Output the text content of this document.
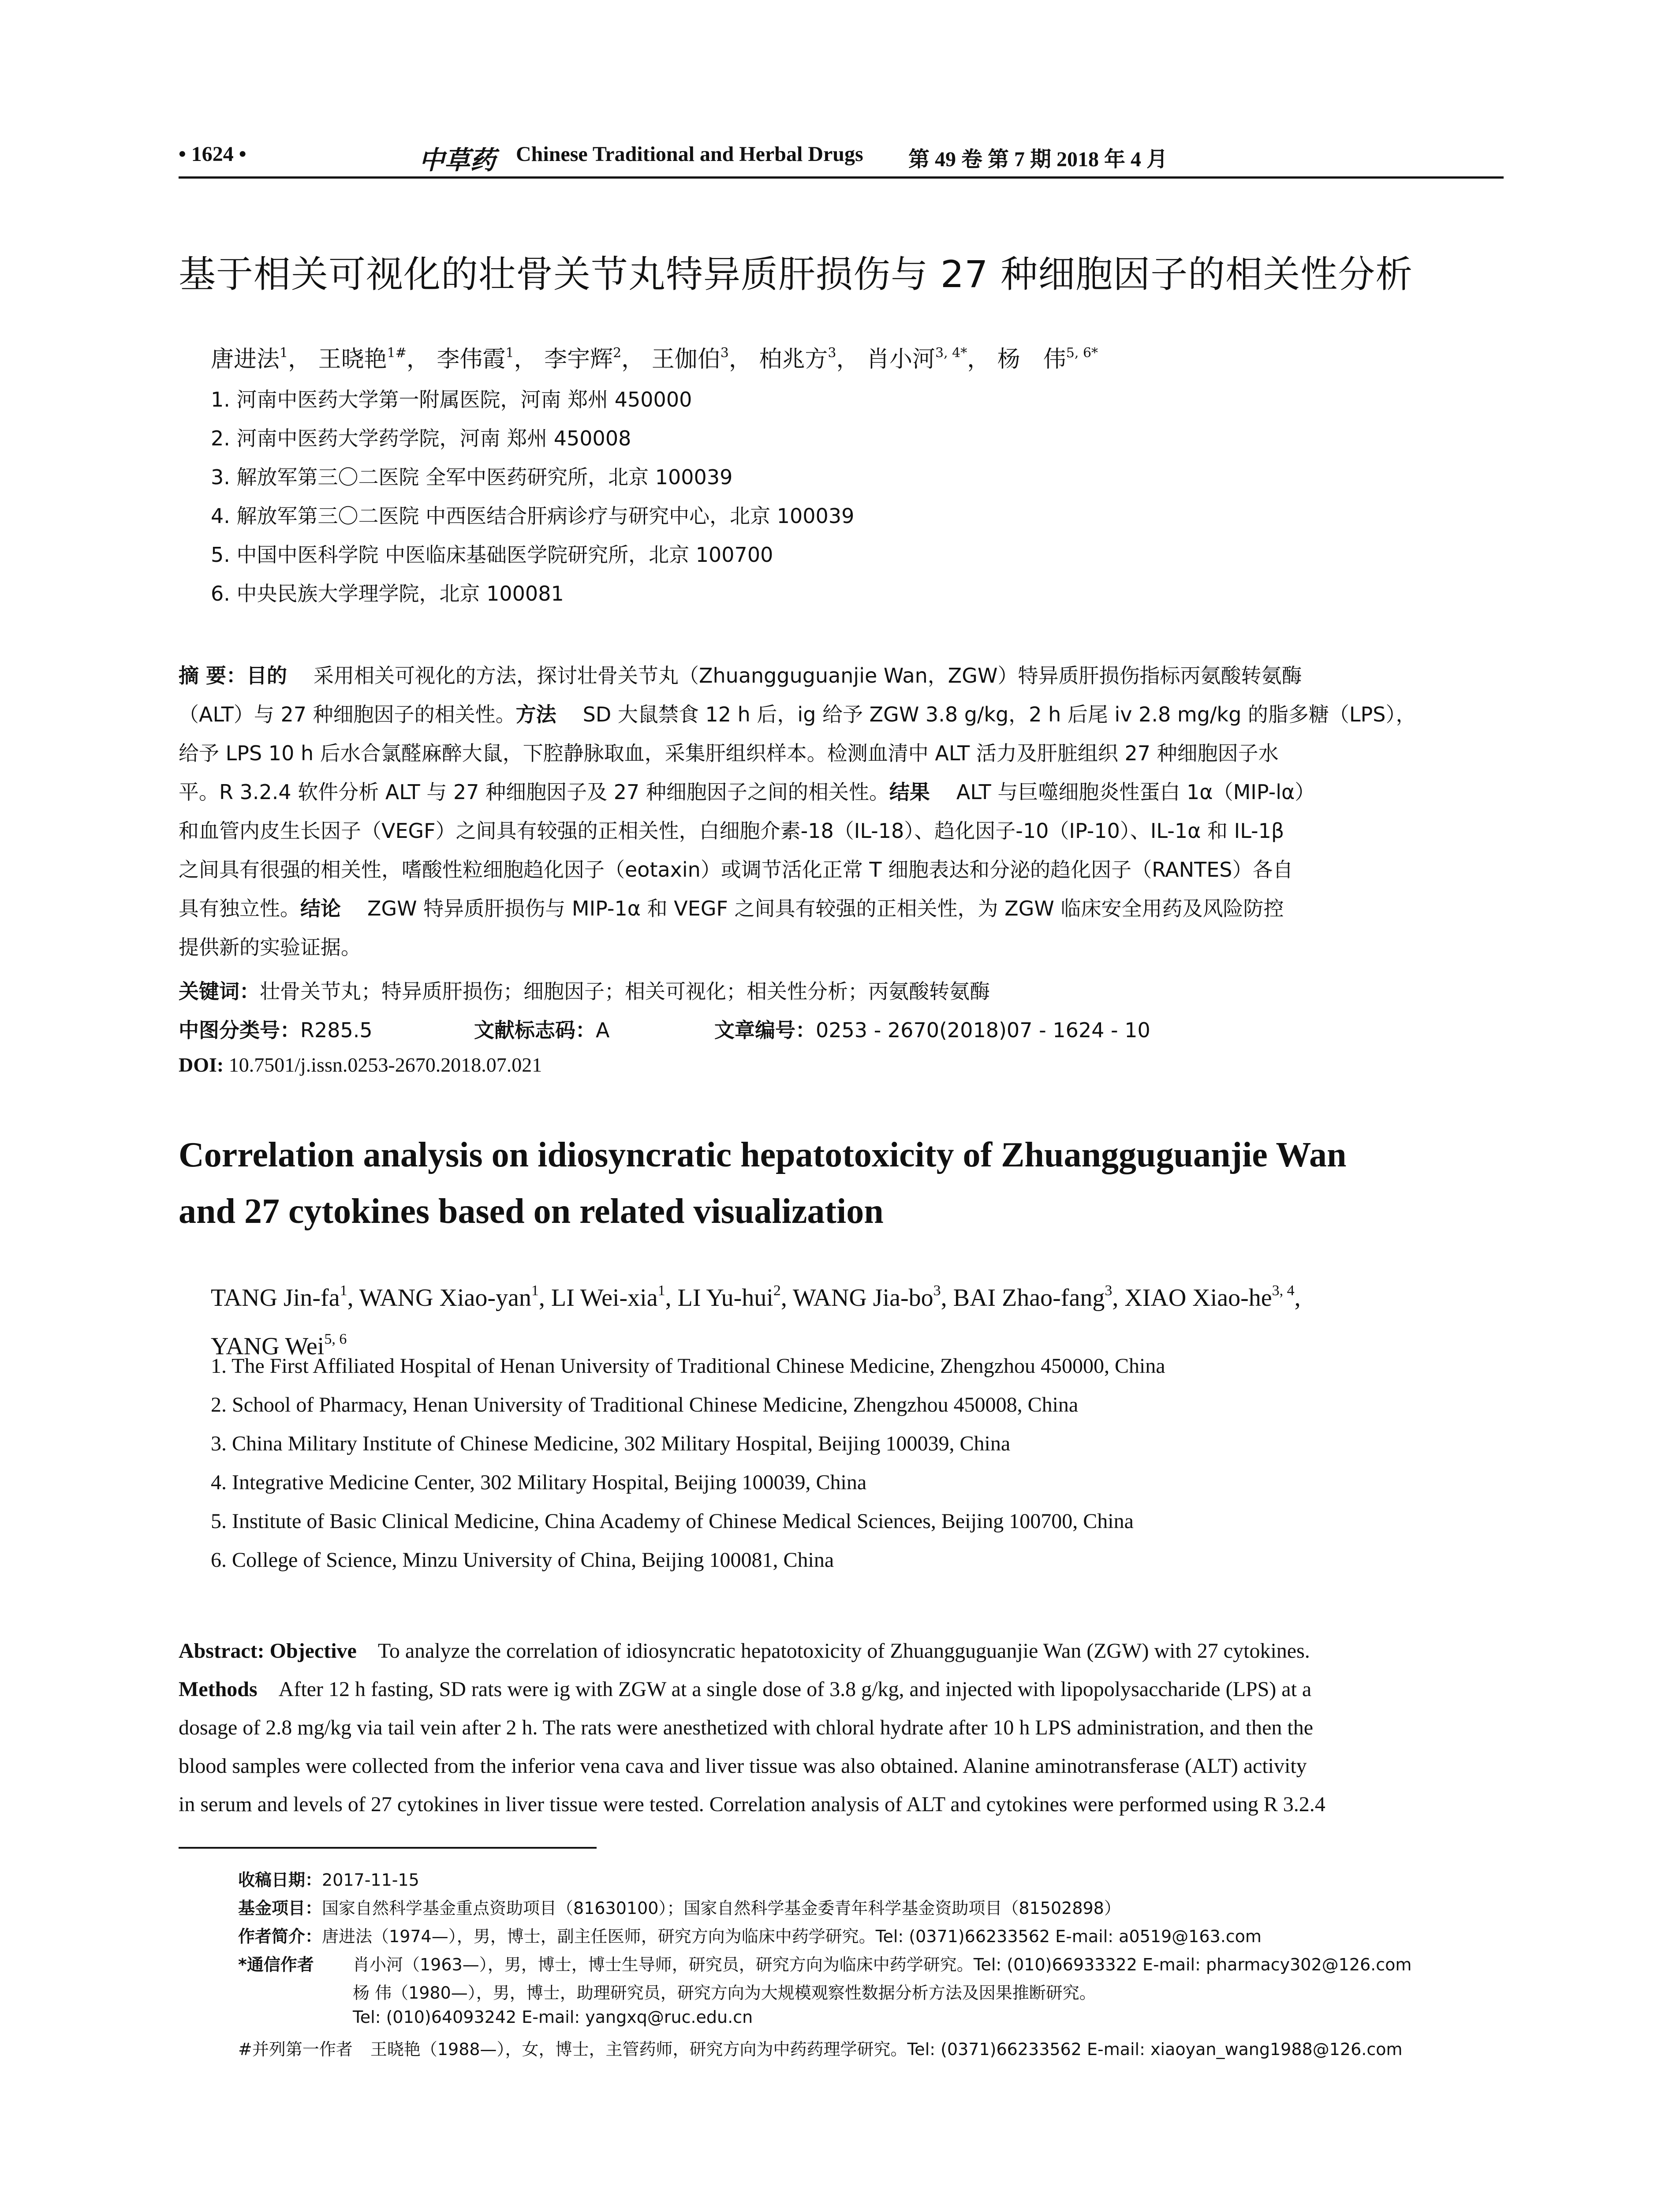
• 1624 •	中草药 Chinese Traditional and Herbal Drugs 第 49 卷 第 7 期 2018 年 4 月
基于相关可视化的壮骨关节丸特异质肝损伤与 27 种细胞因子的相关性分析
唐进法$^1$， 王晓艳$^{1\#}$， 李伟霞$^1$， 李宇辉$^2$， 王伽伯$^3$， 柏兆方$^3$， 肖小河$^{3, 4*}$， 杨　伟$^{5, 6*}$
1. 河南中医药大学第一附属医院，河南 郑州 450000
2. 河南中医药大学药学院，河南 郑州 450008
3. 解放军第三〇二医院 全军中医药研究所，北京 100039
4. 解放军第三〇二医院 中西医结合肝病诊疗与研究中心，北京 100039
5. 中国中医科学院 中医临床基础医学院研究所，北京 100700
6. 中央民族大学理学院，北京 100081
摘 要：目的 采用相关可视化的方法，探讨壮骨关节丸（Zhuangguguanjie Wan，ZGW）特异质肝损伤指标丙氨酸转氨酶
（ALT）与 27 种细胞因子的相关性。方法 SD 大鼠禁食 12 h 后，ig 给予 ZGW 3.8 g/kg，2 h 后尾 iv 2.8 mg/kg 的脂多糖（LPS），
给予 LPS 10 h 后水合氯醛麻醉大鼠，下腔静脉取血，采集肝组织样本。检测血清中 ALT 活力及肝脏组织 27 种细胞因子水
平。R 3.2.4 软件分析 ALT 与 27 种细胞因子及 27 种细胞因子之间的相关性。结果 ALT 与巨噬细胞炎性蛋白 1α（MIP-lα）
和血管内皮生长因子（VEGF）之间具有较强的正相关性，白细胞介素-18（IL-18）、趋化因子-10（IP-10）、IL-1α 和 IL-1β
之间具有很强的相关性，嗜酸性粒细胞趋化因子（eotaxin）或调节活化正常 T 细胞表达和分泌的趋化因子（RANTES）各自
具有独立性。结论 ZGW 特异质肝损伤与 MIP-1α 和 VEGF 之间具有较强的正相关性，为 ZGW 临床安全用药及风险防控
提供新的实验证据。
关键词：壮骨关节丸；特异质肝损伤；细胞因子；相关可视化；相关性分析；丙氨酸转氨酶
中图分类号：R285.5	文献标志码：A	文章编号：0253 - 2670(2018)07 - 1624 - 10
DOI: 10.7501/j.issn.0253-2670.2018.07.021
Correlation analysis on idiosyncratic hepatotoxicity of Zhuangguguanjie Wan
and 27 cytokines based on related visualization
TANG Jin-$fa^1$, WANG Xiao-yan$^1$, LI Wei-xia$^1$, LI Yu-hui$^2$, WANG Jia-$bo^3$, BAI Zhao-fang$^3$, XIAO Xiao-he$^{3, 4}$,
YANG Wei$^{5, 6}$
1. The First Affiliated Hospital of Henan University of Traditional Chinese Medicine, Zhengzhou 450000, China
2. School of Pharmacy, Henan University of Traditional Chinese Medicine, Zhengzhou 450008, China
3. China Military Institute of Chinese Medicine, 302 Military Hospital, Beijing 100039, China
4. Integrative Medicine Center, 302 Military Hospital, Beijing 100039, China
5. Institute of Basic Clinical Medicine, China Academy of Chinese Medical Sciences, Beijing 100700, China
6. College of Science, Minzu University of China, Beijing 100081, China
Abstract: Objective To analyze the correlation of idiosyncratic hepatotoxicity of Zhuangguguanjie Wan (ZGW) with 27 cytokines.
Methods After 12 h fasting, SD rats were ig with ZGW at a single dose of 3.8 g/kg, and injected with lipopolysaccharide (LPS) at a
dosage of 2.8 mg/kg via tail vein after 2 h. The rats were anesthetized with chloral hydrate after 10 h LPS administration, and then the
blood samples were collected from the inferior vena cava and liver tissue was also obtained. Alanine aminotransferase (ALT) activity
in serum and levels of 27 cytokines in liver tissue were tested. Correlation analysis of ALT and cytokines were performed using R 3.2.4
收稿日期：2017-11-15
基金项目：国家自然科学基金重点资助项目（81630100）；国家自然科学基金委青年科学基金资助项目（81502898）
作者简介：唐进法（1974—），男，博士，副主任医师，研究方向为临床中药学研究。Tel: (0371)66233562 E-mail: a0519@163.com
*通信作者 肖小河（1963—），男，博士，博士生导师，研究员，研究方向为临床中药学研究。Tel: (010)66933322 E-mail: pharmacy302@126.com
杨 伟（1980—），男，博士，助理研究员，研究方向为大规模观察性数据分析方法及因果推断研究。
Tel: (010)64093242 E-mail: yangxq@ruc.edu.cn
#并列第一作者 王晓艳（1988—），女，博士，主管药师，研究方向为中药药理学研究。Tel: (0371)66233562 E-mail: xiaoyan_wang1988@126.com
